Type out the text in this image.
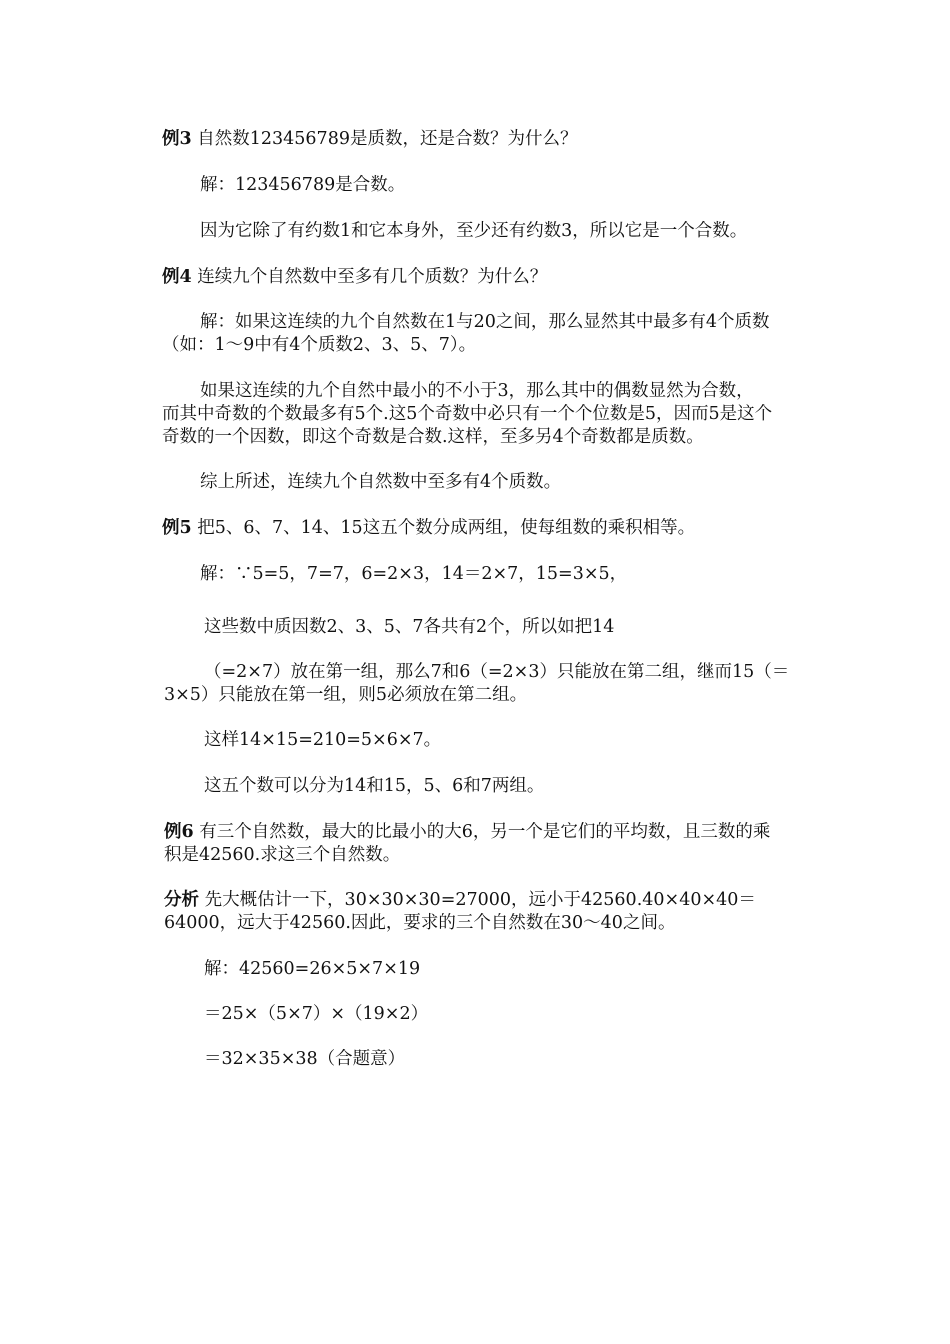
例3 自然数123456789是质数，还是合数？为什么？
解：123456789是合数。
因为它除了有约数1和它本身外，至少还有约数3，所以它是一个合数。
例4 连续九个自然数中至多有几个质数？为什么？
解：如果这连续的九个自然数在1与20之间，那么显然其中最多有4个质数
（如：1～9中有4个质数2、3、5、7）。
如果这连续的九个自然中最小的不小于3，那么其中的偶数显然为合数，
而其中奇数的个数最多有5个.这5个奇数中必只有一个个位数是5，因而5是这个
奇数的一个因数，即这个奇数是合数.这样，至多另4个奇数都是质数。
综上所述，连续九个自然数中至多有4个质数。
例5 把5、6、7、14、15这五个数分成两组，使每组数的乘积相等。
解：∵5=5，7=7，6=2×3，14＝2×7，15=3×5，
这些数中质因数2、3、5、7各共有2个，所以如把14
（=2×7）放在第一组，那么7和6（=2×3）只能放在第二组，继而15（＝
3×5）只能放在第一组，则5必须放在第二组。
这样14×15=210=5×6×7。
这五个数可以分为14和15，5、6和7两组。
例6 有三个自然数，最大的比最小的大6，另一个是它们的平均数，且三数的乘
积是42560.求这三个自然数。
分析 先大概估计一下，30×30×30=27000，远小于42560.40×40×40＝
64000，远大于42560.因此，要求的三个自然数在30～40之间。
解：42560=26×5×7×19
＝25×（5×7）×（19×2）
＝32×35×38（合题意）
